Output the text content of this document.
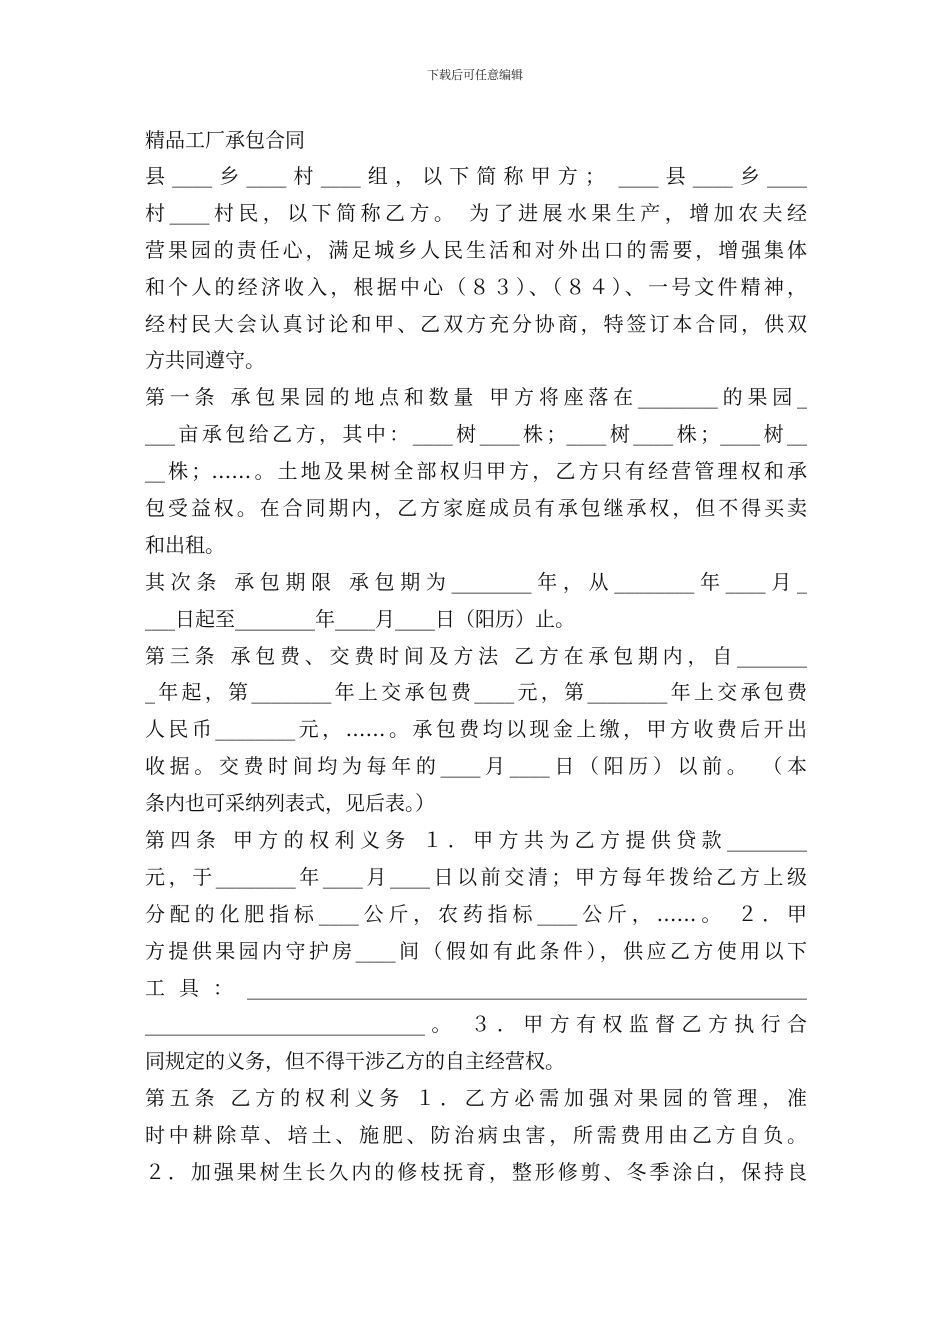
下载后可任意编辑
精品工厂承包合同
县____乡____村____组，以下简称甲方； ____县____乡____
村____村民，以下简称乙方。 为了进展水果生产，增加农夫经
营果园的责任心，满足城乡人民生活和对外出口的需要，增强集体
和个人的经济收入，根据中心（８３）、（８４）、一号文件精神，
经村民大会认真讨论和甲、乙双方充分协商，特签订本合同，供双
方共同遵守。
第一条 承包果园的地点和数量 甲方将座落在________的果园_
___亩承包给乙方，其中：____树____株；____树____株；____树__
__株；……。土地及果树全部权归甲方，乙方只有经营管理权和承
包受益权。在合同期内，乙方家庭成员有承包继承权，但不得买卖
和出租。
其次条 承包期限 承包期为________年，从________年____月_
___日起至________年____月____日（阳历）止。
第三条 承包费、交费时间及方法 乙方在承包期内，自_______
_年起，第________年上交承包费____元，第________年上交承包费
人民币________元，……。承包费均以现金上缴，甲方收费后开出
收据。交费时间均为每年的____月____日（阳历）以前。 （本
条内也可采纳列表式，见后表。）
第四条 甲方的权利义务 １．甲方共为乙方提供贷款________
元，于________年____月____日以前交清；甲方每年拨给乙方上级
分配的化肥指标____公斤，农药指标____公斤，……。 ２．甲
方提供果园内守护房____间（假如有此条件），供应乙方使用以下
工具：________________________________________________________
____________________________。 ３．甲方有权监督乙方执行合
同规定的义务，但不得干涉乙方的自主经营权。
第五条 乙方的权利义务 １．乙方必需加强对果园的管理，准
时中耕除草、培土、施肥、防治病虫害，所需费用由乙方自负。
２．加强果树生长久内的修枝抚育，整形修剪、冬季涂白，保持良
